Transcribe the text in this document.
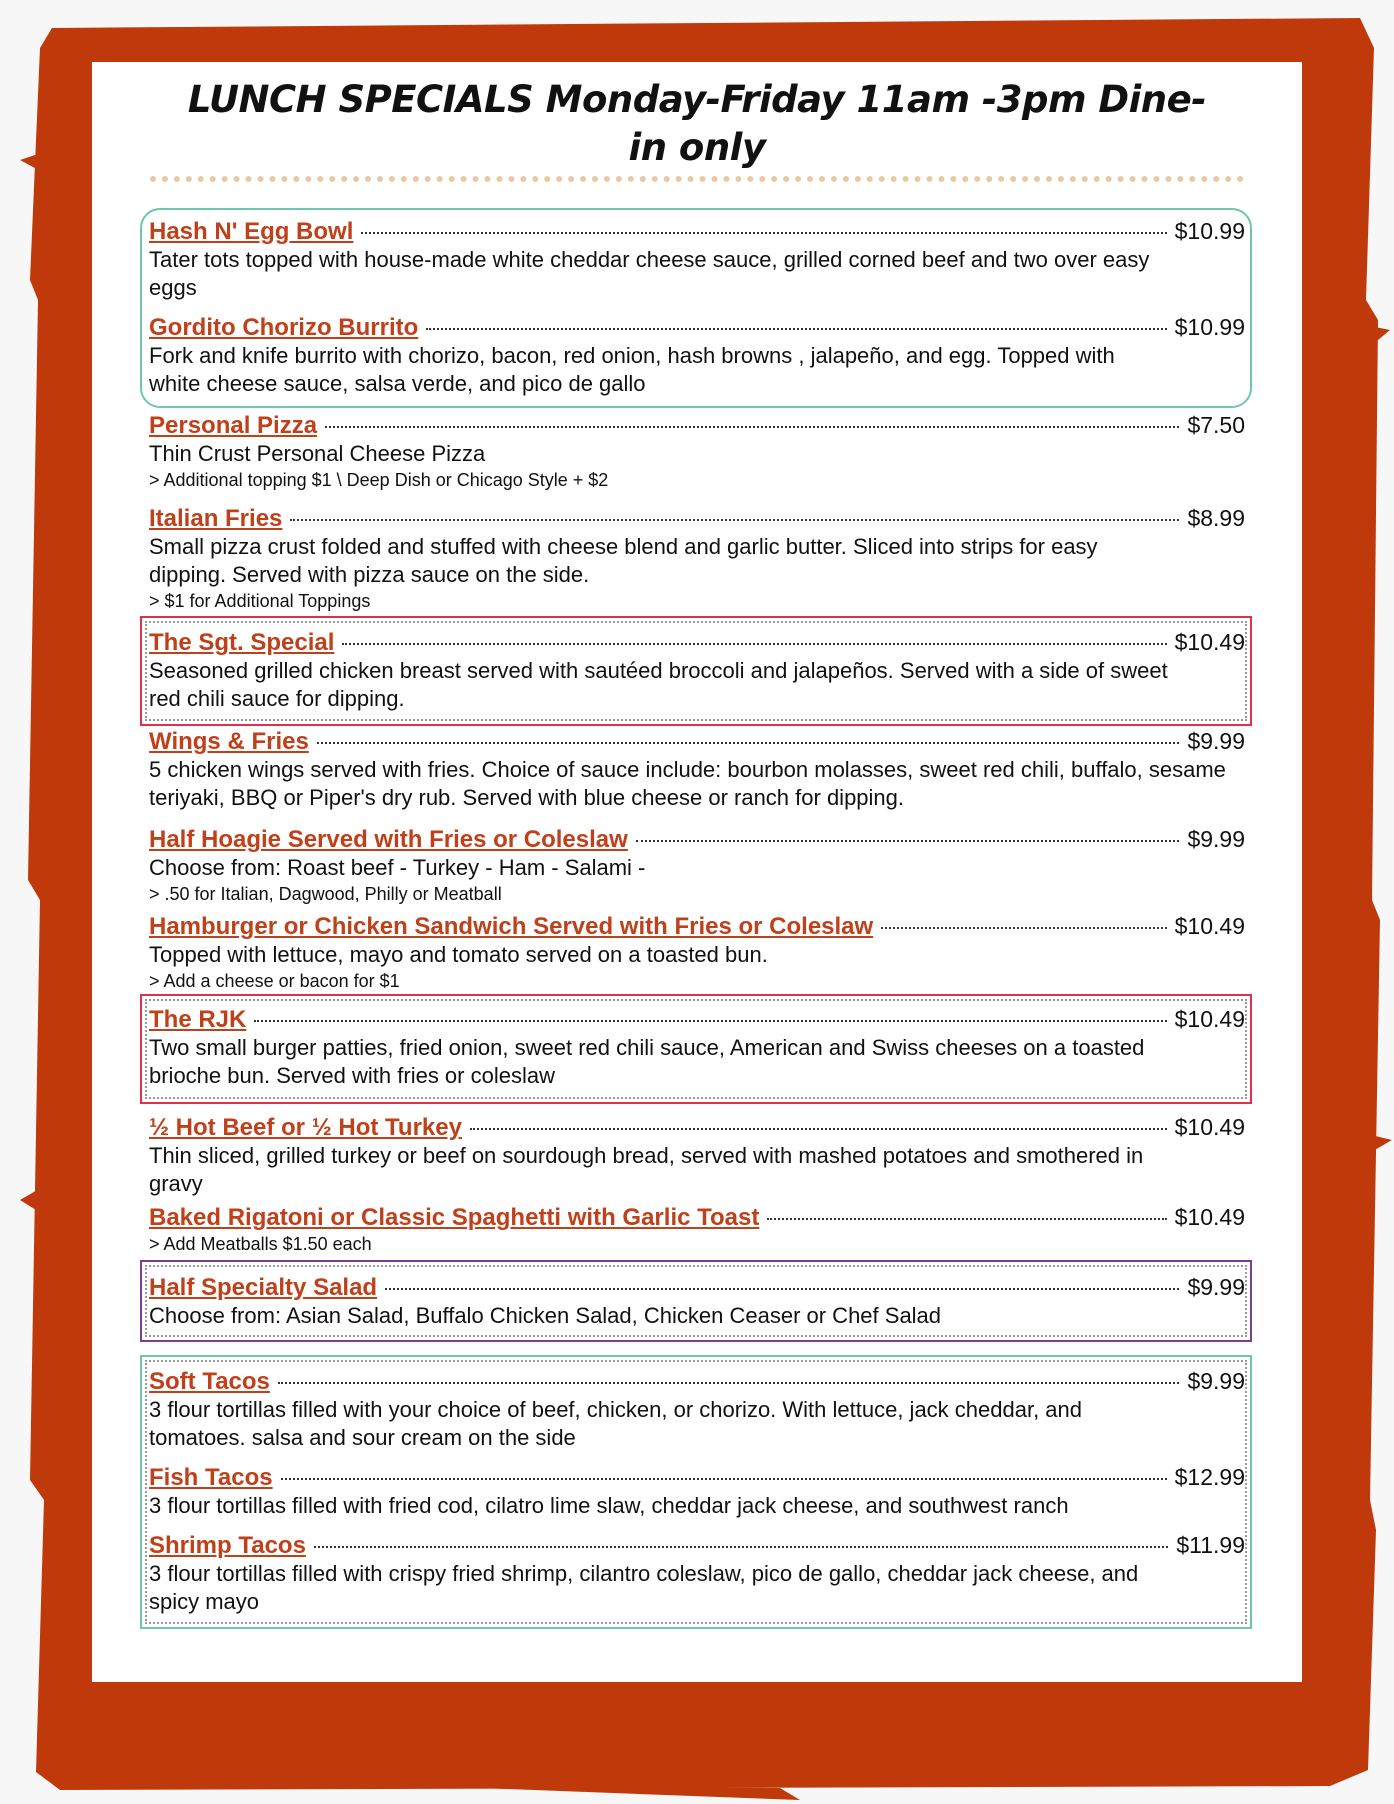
LUNCH SPECIALS Monday-Friday 11am -3pm Dine-in only
Hash N' Egg Bowl	$10.99
Tater tots topped with house-made white cheddar cheese sauce, grilled corned beef and two over easy eggs
Gordito Chorizo Burrito	$10.99
Fork and knife burrito with chorizo, bacon, red onion, hash browns , jalapeño, and egg. Topped with white cheese sauce, salsa verde, and pico de gallo
Personal Pizza	$7.50
Thin Crust Personal Cheese Pizza
> Additional topping $1 \ Deep Dish or Chicago Style + $2
Italian Fries	$8.99
Small pizza crust folded and stuffed with cheese blend and garlic butter. Sliced into strips for easy dipping. Served with pizza sauce on the side.
> $1 for Additional Toppings
The Sgt. Special	$10.49
Seasoned grilled chicken breast served with sautéed broccoli and jalapeños. Served with a side of sweet red chili sauce for dipping.
Wings & Fries	$9.99
5 chicken wings served with fries. Choice of sauce include: bourbon molasses, sweet red chili, buffalo, sesame teriyaki, BBQ or Piper's dry rub. Served with blue cheese or ranch for dipping.
Half Hoagie Served with Fries or Coleslaw	$9.99
Choose from: Roast beef - Turkey - Ham - Salami -
> .50 for Italian, Dagwood, Philly or Meatball
Hamburger or Chicken Sandwich Served with Fries or Coleslaw	$10.49
Topped with lettuce, mayo and tomato served on a toasted bun.
> Add a cheese or bacon for $1
The RJK	$10.49
Two small burger patties, fried onion, sweet red chili sauce, American and Swiss cheeses on a toasted brioche bun. Served with fries or coleslaw
½ Hot Beef or ½ Hot Turkey	$10.49
Thin sliced, grilled turkey or beef on sourdough bread, served with mashed potatoes and smothered in gravy
Baked Rigatoni or Classic Spaghetti with Garlic Toast	$10.49
> Add Meatballs $1.50 each
Half Specialty Salad	$9.99
Choose from: Asian Salad, Buffalo Chicken Salad, Chicken Ceaser or Chef Salad
Soft Tacos	$9.99
3 flour tortillas filled with your choice of beef, chicken, or chorizo. With lettuce, jack cheddar, and tomatoes. salsa and sour cream on the side
Fish Tacos	$12.99
3 flour tortillas filled with fried cod, cilatro lime slaw, cheddar jack cheese, and southwest ranch
Shrimp Tacos	$11.99
3 flour tortillas filled with crispy fried shrimp, cilantro coleslaw, pico de gallo, cheddar jack cheese, and spicy mayo
